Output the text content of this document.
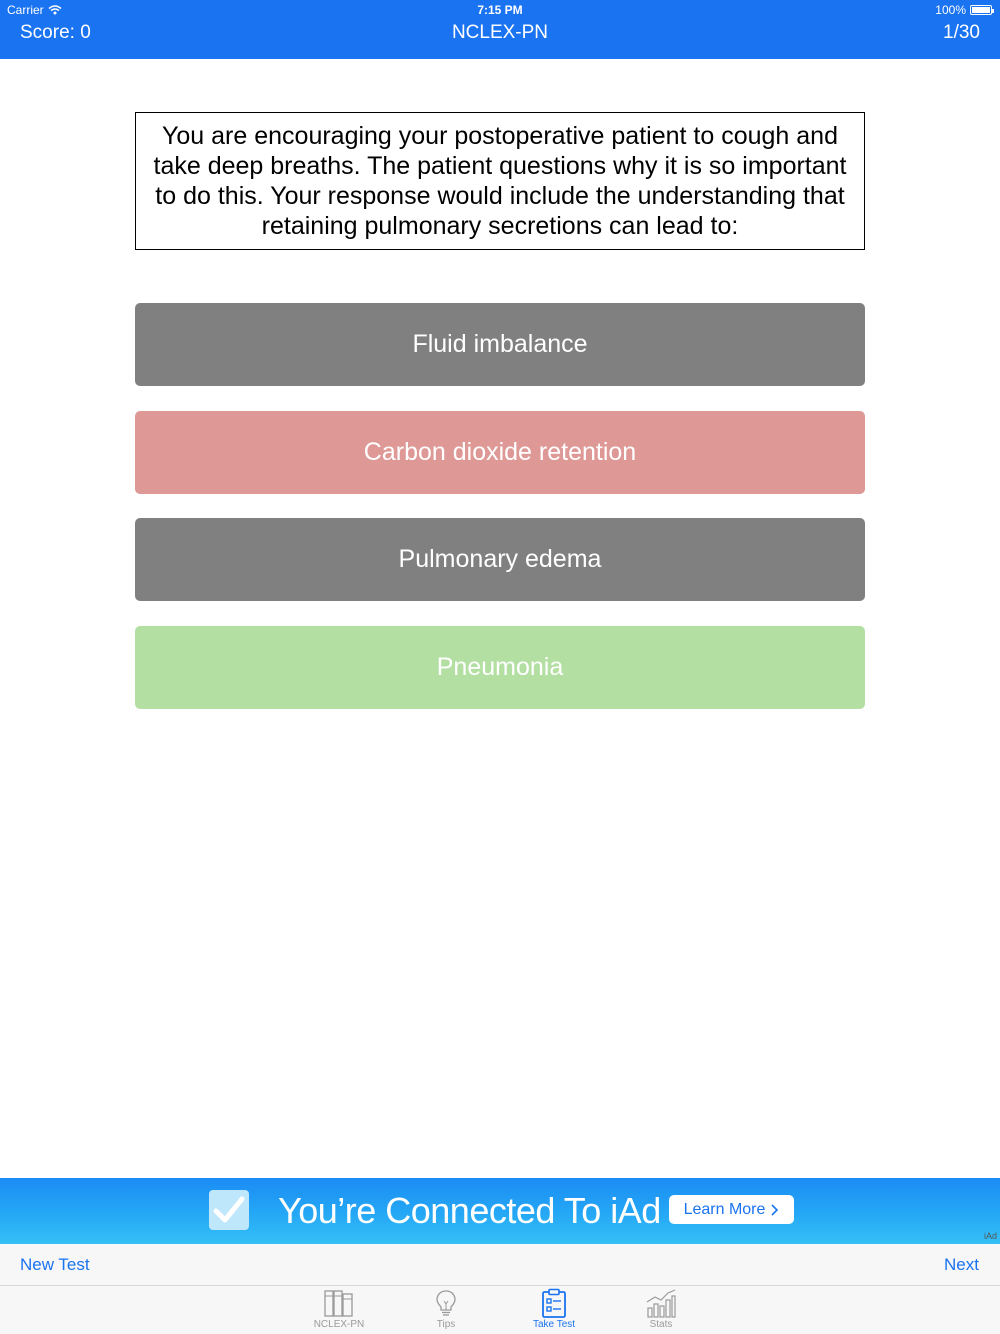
Carrier	7:15 PM	100%
Score: 0	NCLEX-PN	1/30
You are encouraging your postoperative patient to cough and take deep breaths. The patient questions why it is so important to do this. Your response would include the understanding that retaining pulmonary secretions can lead to:
Fluid imbalance
Carbon dioxide retention
Pulmonary edema
Pneumonia
You’re Connected To iAd Learn More
iAd
New Test	Next
NCLEX-PN	Tips	Take Test	Stats
